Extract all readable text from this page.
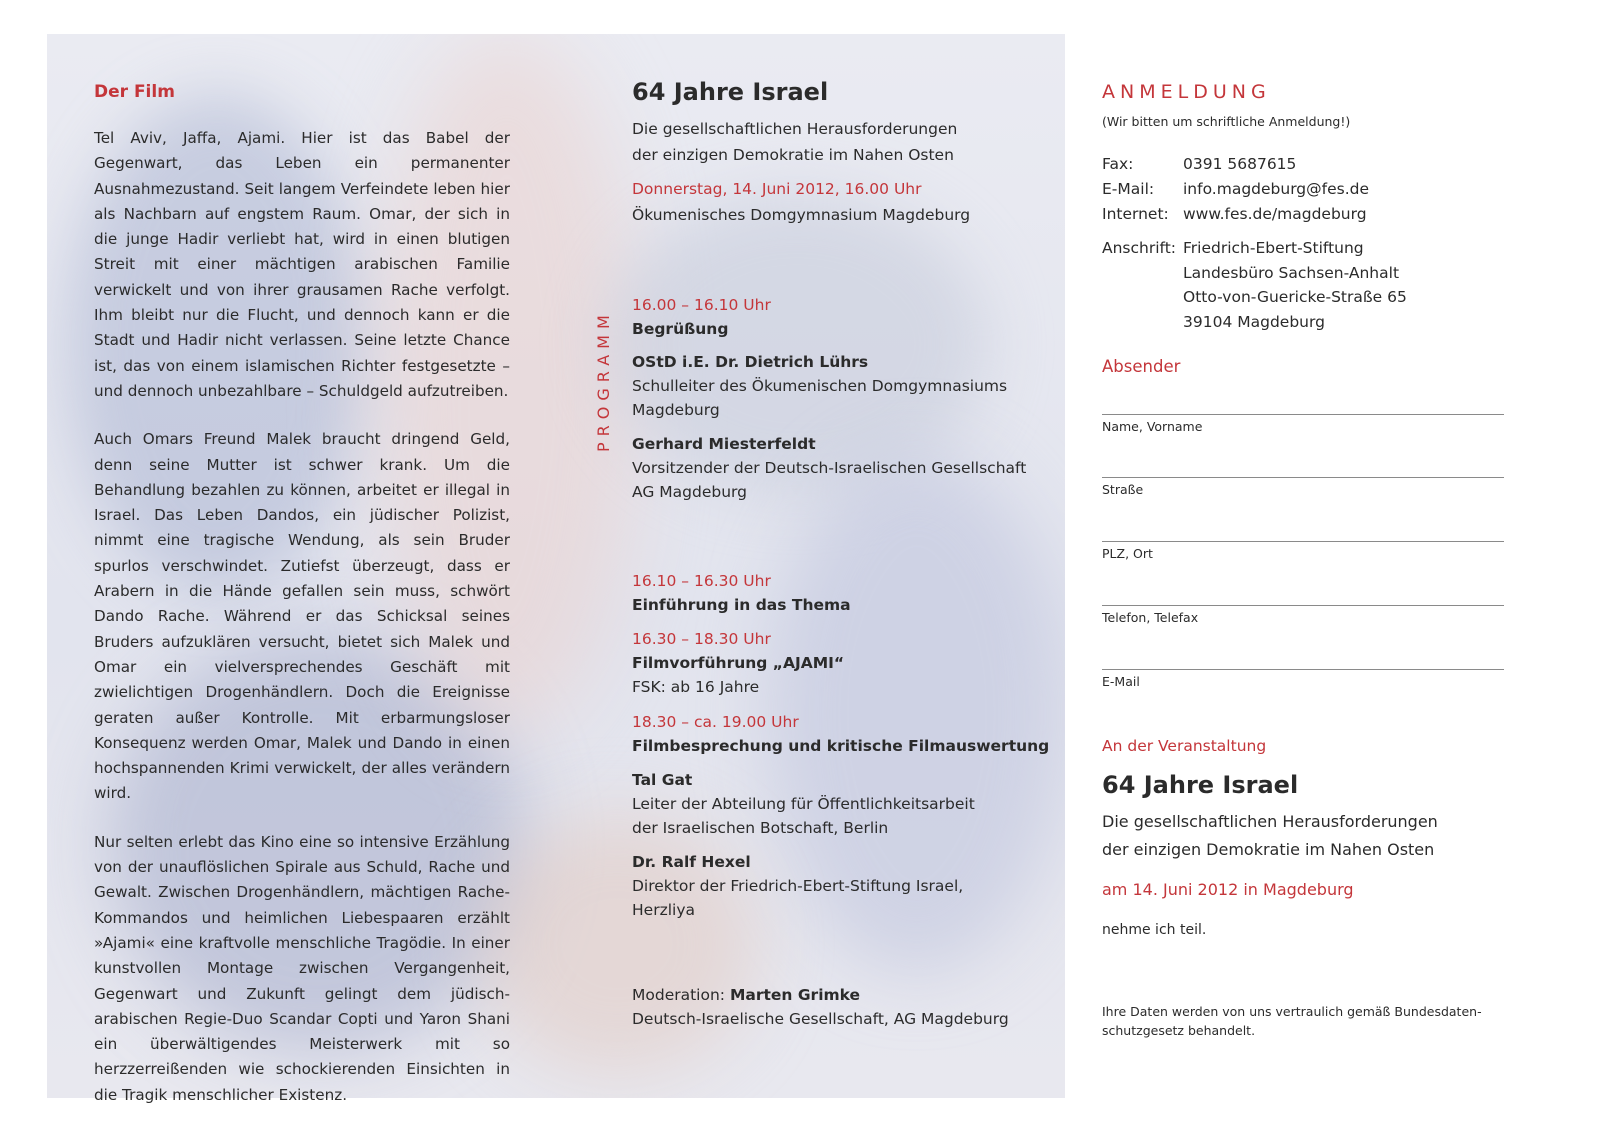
Der Film

Tel Aviv, Jaffa, Ajami. Hier ist das Babel der Gegenwart, das Leben ein permanenter Ausnahmezustand. Seit langem Verfeindete leben hier als Nachbarn auf engstem Raum. Omar, der sich in die junge Hadir verliebt hat, wird in einen blutigen Streit mit einer mächtigen arabischen Familie verwickelt und von ihrer grausamen Rache verfolgt. Ihm bleibt nur die Flucht, und dennoch kann er die Stadt und Hadir nicht verlassen. Seine letzte Chance ist, das von einem islamischen Richter festgesetzte – und dennoch unbezahlbare – Schuldgeld aufzutreiben.

Auch Omars Freund Malek braucht dringend Geld, denn seine Mutter ist schwer krank. Um die Behandlung bezahlen zu können, arbeitet er illegal in Israel. Das Leben Dandos, ein jüdischer Polizist, nimmt eine tragische Wendung, als sein Bruder spurlos verschwindet. Zutiefst überzeugt, dass er Arabern in die Hände gefallen sein muss, schwört Dando Rache. Während er das Schicksal seines Bruders aufzuklären versucht, bietet sich Malek und Omar ein vielversprechendes Geschäft mit zwielichtigen Drogenhändlern. Doch die Ereignisse geraten außer Kontrolle. Mit erbarmungsloser Konsequenz werden Omar, Malek und Dando in einen hochspannenden Krimi verwickelt, der alles verändern wird.

Nur selten erlebt das Kino eine so intensive Erzählung von der unauflöslichen Spirale aus Schuld, Rache und Gewalt. Zwischen Drogenhändlern, mächtigen Rache-Kommandos und heimlichen Liebespaaren erzählt »Ajami« eine kraftvolle menschliche Tragödie. In einer kunstvollen Montage zwischen Vergangenheit, Gegenwart und Zukunft gelingt dem jüdisch-arabischen Regie-Duo Scandar Copti und Yaron Shani ein überwältigendes Meisterwerk mit so herzzerreißenden wie schockierenden Einsichten in die Tragik menschlicher Existenz.

64 Jahre Israel
Die gesellschaftlichen Herausforderungen
der einzigen Demokratie im Nahen Osten
Donnerstag, 14. Juni 2012, 16.00 Uhr
Ökumenisches Domgymnasium Magdeburg
PROGRAMM
16.00 – 16.10 Uhr
Begrüßung
OStD i.E. Dr. Dietrich Lührs
Schulleiter des Ökumenischen Domgymnasiums
Magdeburg
Gerhard Miesterfeldt
Vorsitzender der Deutsch-Israelischen Gesellschaft
AG Magdeburg
16.10 – 16.30 Uhr
Einführung in das Thema
16.30 – 18.30 Uhr
Filmvorführung „AJAMI“
FSK: ab 16 Jahre
18.30 – ca. 19.00 Uhr
Filmbesprechung und kritische Filmauswertung
Tal Gat
Leiter der Abteilung für Öffentlichkeitsarbeit
der Israelischen Botschaft, Berlin
Dr. Ralf Hexel
Direktor der Friedrich-Ebert-Stiftung Israel,
Herzliya
Moderation: Marten Grimke
Deutsch-Israelische Gesellschaft, AG Magdeburg
ANMELDUNG
(Wir bitten um schriftliche Anmeldung!)
Fax:	0391 5687615
E-Mail: info.magdeburg@fes.de
Internet: www.fes.de/magdeburg
Anschrift: Friedrich-Ebert-Stiftung
Landesbüro Sachsen-Anhalt
Otto-von-Guericke-Straße 65
39104 Magdeburg
Absender
Name, Vorname
Straße
PLZ, Ort
Telefon, Telefax
E-Mail
An der Veranstaltung
64 Jahre Israel
Die gesellschaftlichen Herausforderungen
der einzigen Demokratie im Nahen Osten
am 14. Juni 2012 in Magdeburg
nehme ich teil.
Ihre Daten werden von uns vertraulich gemäß Bundesdaten-
schutzgesetz behandelt.
